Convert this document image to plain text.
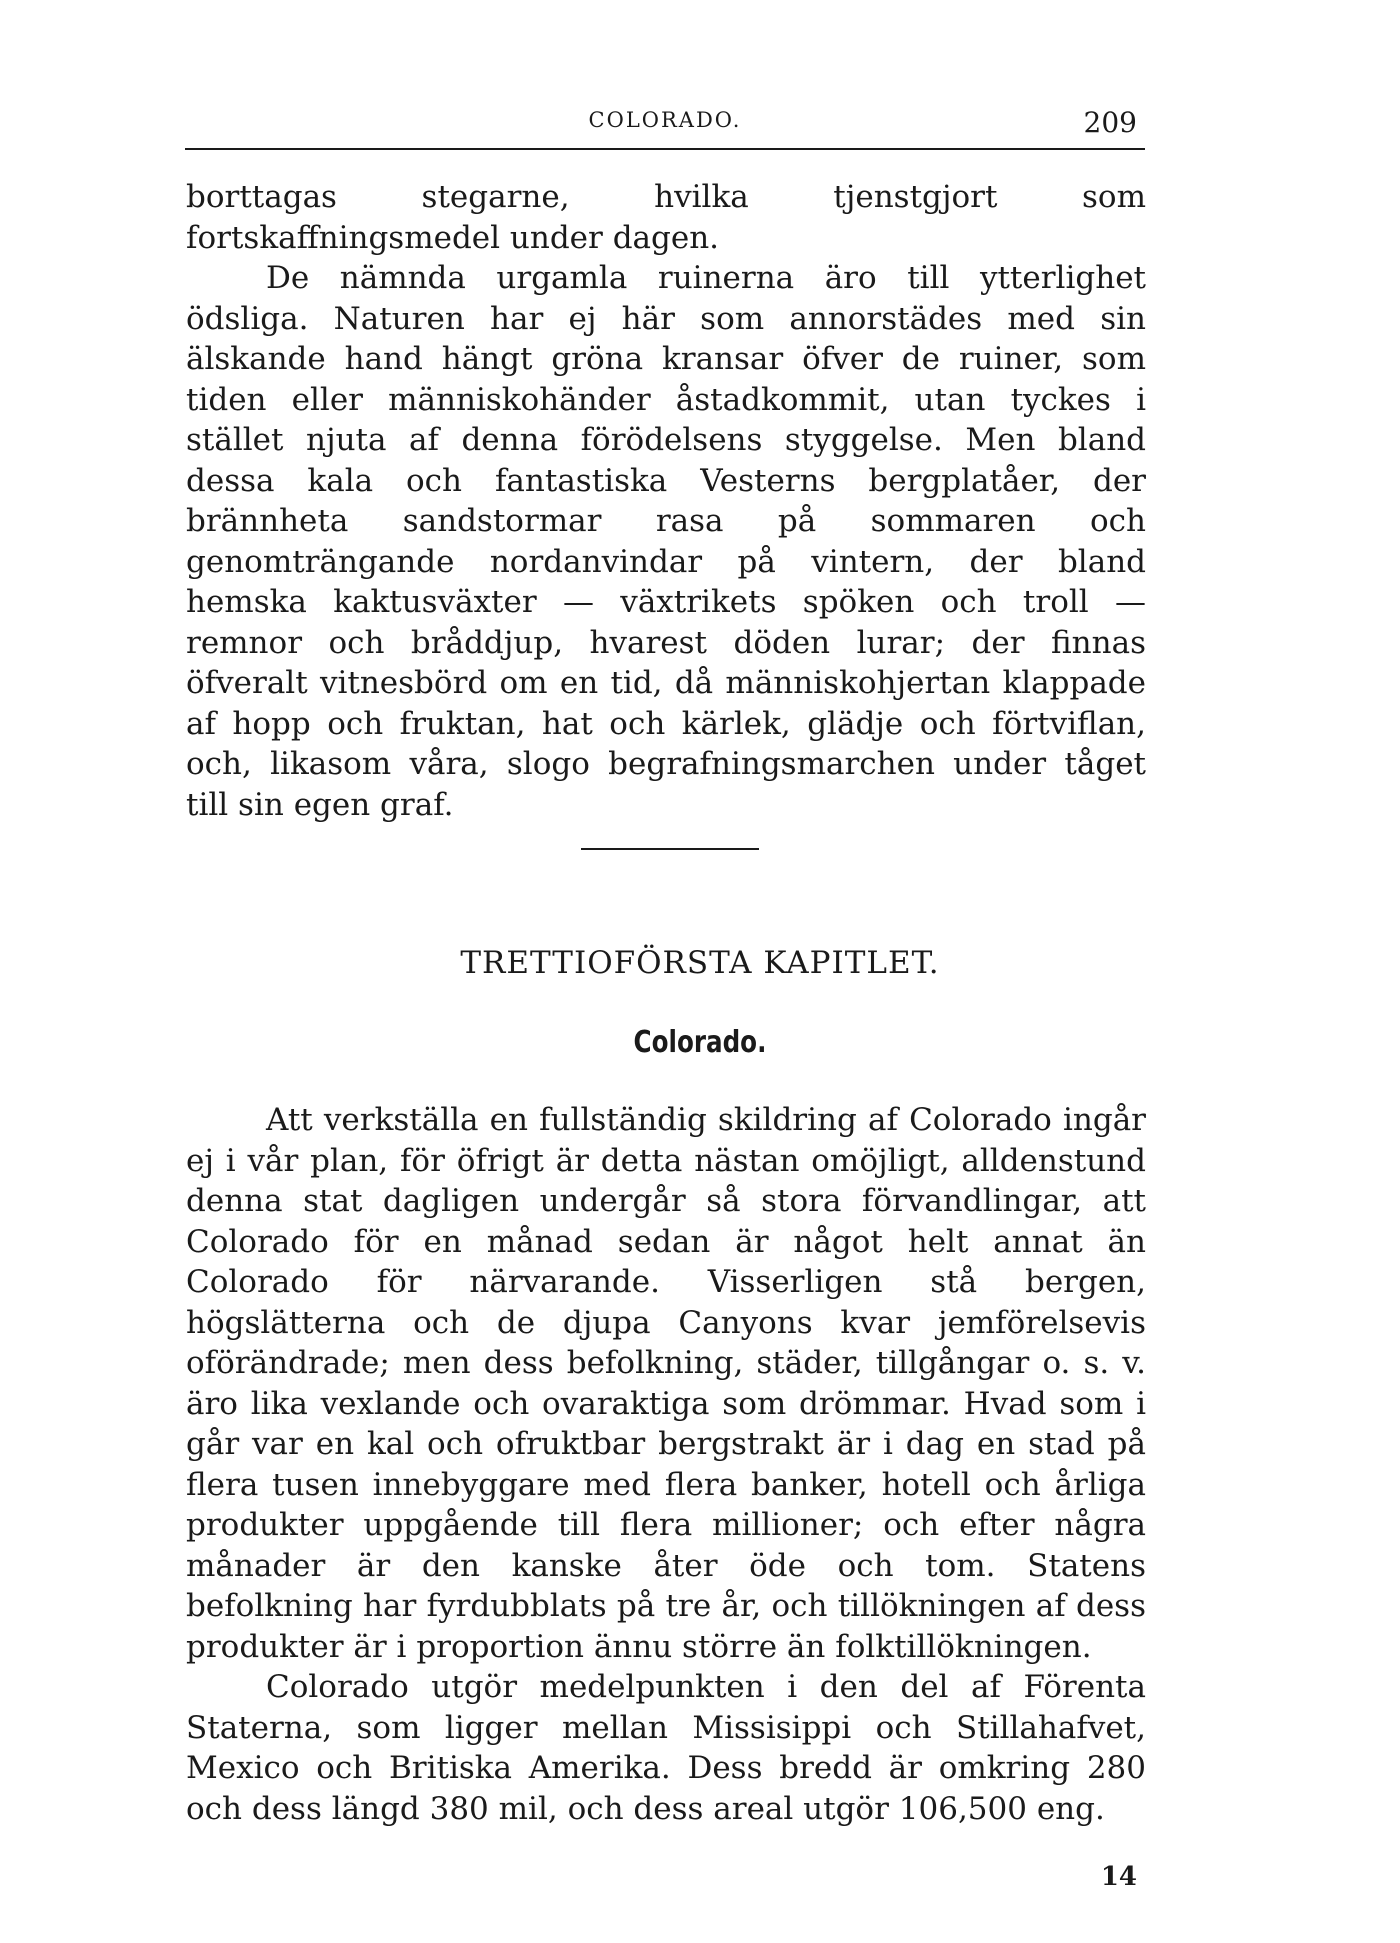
COLORADO.	209

borttagas stegarne, hvilka tjenstgjort som fortskaffningsmedel under dagen.

De nämnda urgamla ruinerna äro till ytterlighet ödsliga. Naturen har ej här som annorstädes med sin älskande hand hängt gröna kransar öfver de ruiner, som tiden eller människohänder åstadkommit, utan tyckes i stället njuta af denna förödelsens styggelse. Men bland dessa kala och fantastiska Vesterns bergplatåer, der brännheta sandstormar rasa på sommaren och genomträngande nordanvindar på vintern, der bland hemska kaktusväxter — växtrikets spöken och troll — remnor och bråddjup, hvarest döden lurar; der finnas öfveralt vitnesbörd om en tid, då människohjertan klappade af hopp och fruktan, hat och kärlek, glädje och förtviflan, och, likasom våra, slogo begrafningsmarchen under tåget till sin egen graf.

TRETTIOFÖRSTA KAPITLET.
Colorado.

Att verkställa en fullständig skildring af Colorado ingår ej i vår plan, för öfrigt är detta nästan omöjligt, alldenstund denna stat dagligen undergår så stora förvandlingar, att Colorado för en månad sedan är något helt annat än Colorado för närvarande. Visserligen stå bergen, högslätterna och de djupa Canyons kvar jemförelsevis oförändrade; men dess befolkning, städer, tillgångar o. s. v. äro lika vexlande och ovaraktiga som drömmar. Hvad som i går var en kal och ofruktbar bergstrakt är i dag en stad på flera tusen innebyggare med flera banker, hotell och årliga produkter uppgående till flera millioner; och efter några månader är den kanske åter öde och tom. Statens befolkning har fyrdubblats på tre år, och tillökningen af dess produkter är i proportion ännu större än folktillökningen.

Colorado utgör medelpunkten i den del af Förenta Staterna, som ligger mellan Missisippi och Stillahafvet, Mexico och Britiska Amerika. Dess bredd är omkring 280 och dess längd 380 mil, och dess areal utgör 106,500 eng.

14
